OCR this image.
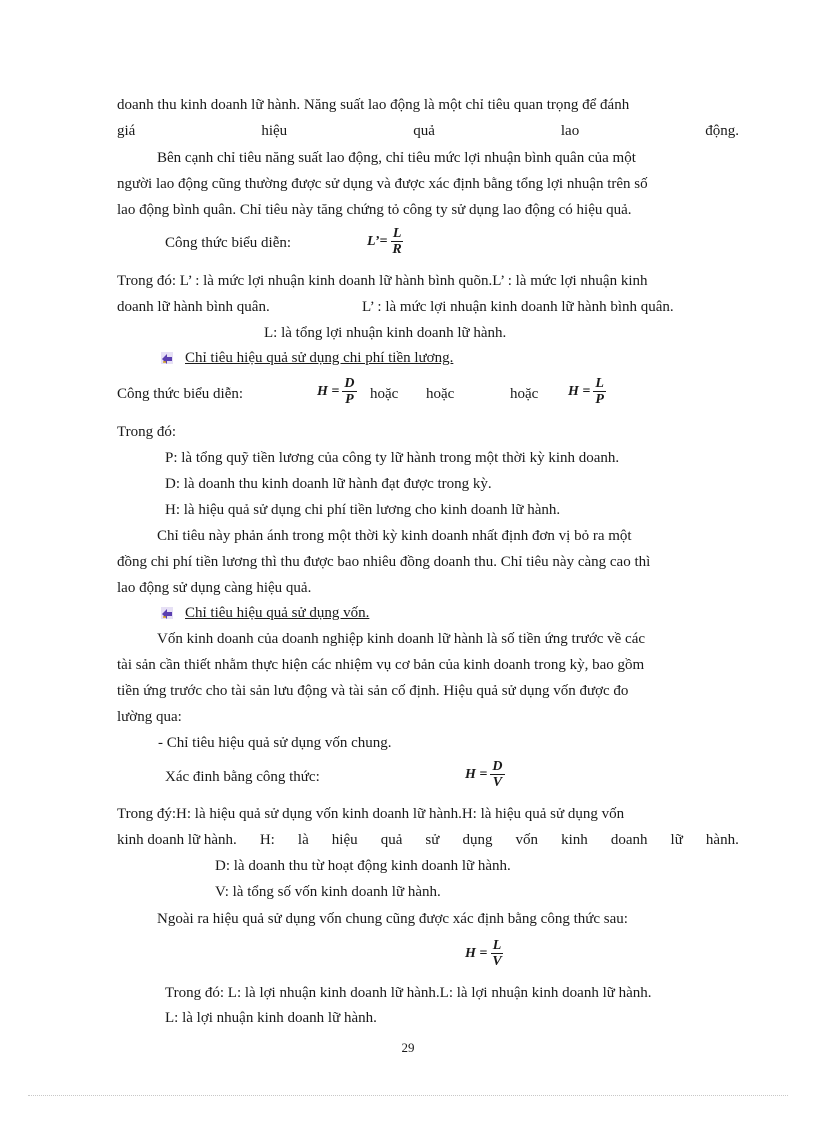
doanh thu kinh doanh lữ hành. Năng suất lao động là một chỉ tiêu quan trọng để đánh
giá	hiệu	quả	lao	động.
Bên cạnh chỉ tiêu năng suất lao động, chỉ tiêu mức lợi nhuận bình quân của một
người lao động cũng thường được sử dụng và được xác định bằng tổng lợi nhuận trên số
lao động bình quân. Chỉ tiêu này tăng chứng tỏ công ty sử dụng lao động có hiệu quả.
Công thức biểu diễn:	L’= $\frac{L}{R}$
Trong đó: L’ : là mức lợi nhuận kinh doanh lữ hành bình quõn.L’ : là mức lợi nhuận kinh
doanh lữ hành bình quân.	L’ : là mức lợi nhuận kinh doanh lữ hành bình quân.
L: là tổng lợi nhuận kinh doanh lữ hành.
Chỉ tiêu hiệu quả sử dụng chi phí tiền lương.
Công thức biểu diễn:	$H = \frac{D}{P}$ hoặc hoặc	hoặc $H = \frac{L}{P}$
Trong đó:
P: là tổng quỹ tiền lương của công ty lữ hành trong một thời kỳ kinh doanh.
D: là doanh thu kinh doanh lữ hành đạt được trong kỳ.
H: là hiệu quả sử dụng chi phí tiền lương cho kinh doanh lữ hành.
Chỉ tiêu này phản ánh trong một thời kỳ kinh doanh nhất định đơn vị bỏ ra một
đồng chi phí tiền lương thì thu được bao nhiêu đồng doanh thu. Chỉ tiêu này càng cao thì
lao động sử dụng càng hiệu quả.
Chỉ tiêu hiệu quả sử dụng vốn.
Vốn kinh doanh của doanh nghiệp kinh doanh lữ hành là số tiền ứng trước về các
tài sản cần thiết nhằm thực hiện các nhiệm vụ cơ bản của kinh doanh trong kỳ, bao gồm
tiền ứng trước cho tài sản lưu động và tài sản cố định. Hiệu quả sử dụng vốn được đo
lường qua:
- Chỉ tiêu hiệu quả sử dụng vốn chung.
Xác đinh bằng công thức:	$H = \frac{D}{V}$
Trong đý:H: là hiệu quả sử dụng vốn kinh doanh lữ hành.H: là hiệu quả sử dụng vốn
kinh doanh lữ hành. H: là hiệu quả sử dụng vốn kinh doanh lữ hành.
D: là doanh thu từ hoạt động kinh doanh lữ hành.
V: là tổng số vốn kinh doanh lữ hành.
Ngoài ra hiệu quả sử dụng vốn chung cũng được xác định bằng công thức sau:
$H = \frac{L}{V}$
Trong đó: L: là lợi nhuận kinh doanh lữ hành.L: là lợi nhuận kinh doanh lữ hành.
L: là lợi nhuận kinh doanh lữ hành.
29
